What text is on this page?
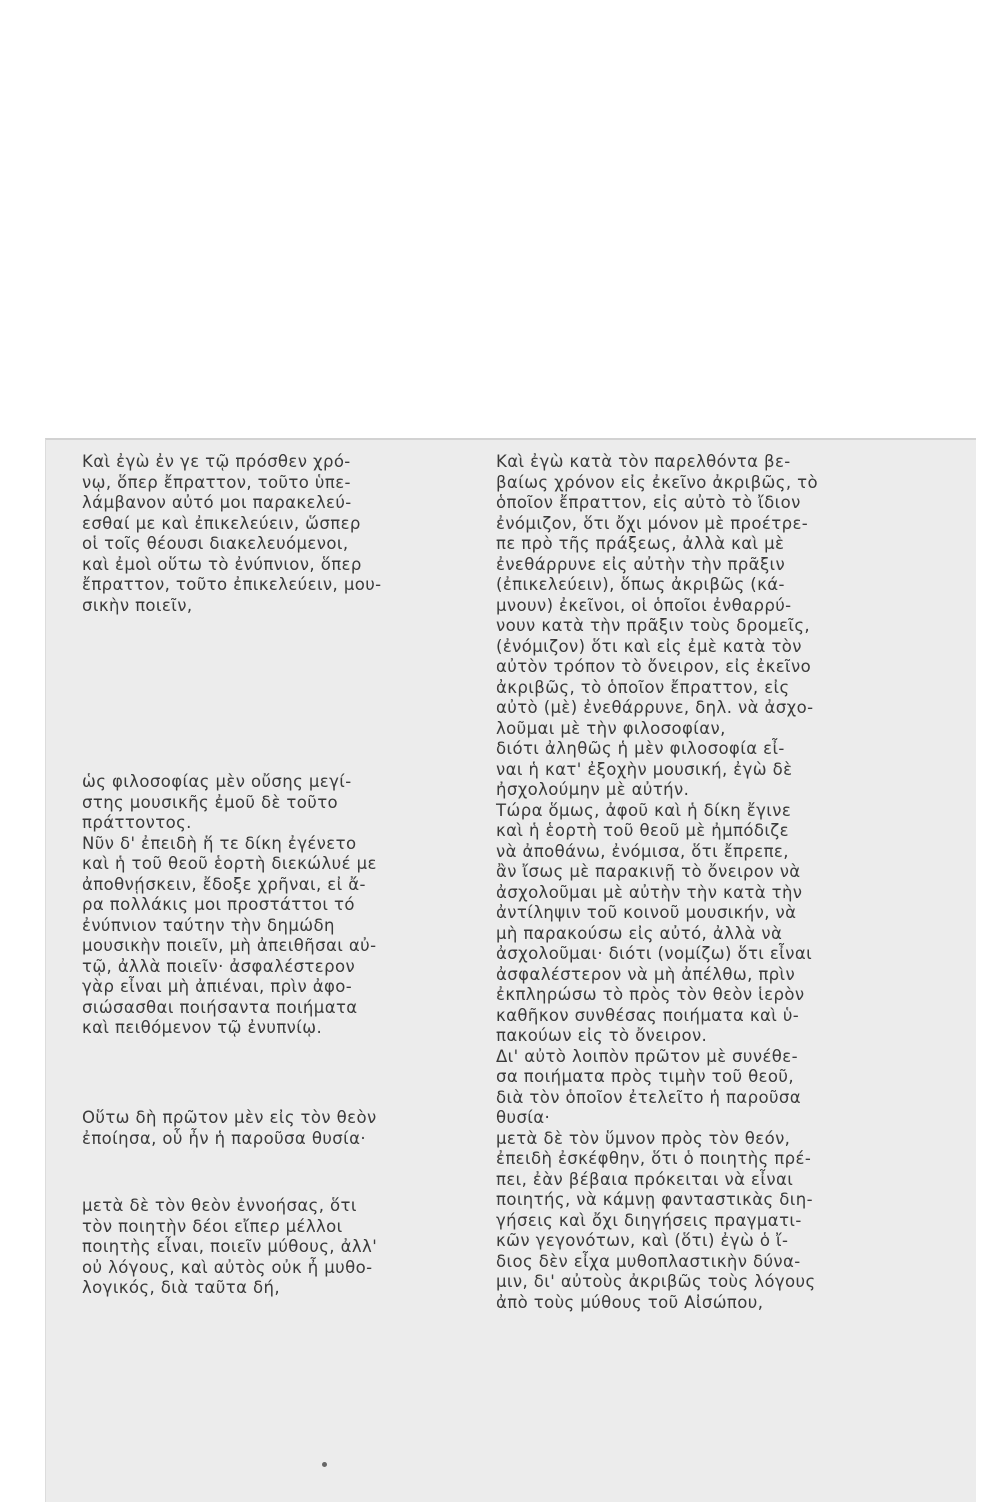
Καὶ ἐγὼ ἐν γε τῷ πρόσθεν χρό-
νῳ, ὅπερ ἔπραττον, τοῦτο ὑπε-
λάμβανον αὐτό μοι παρακελεύ-
εσθαί με καὶ ἐπικελεύειν, ὥσπερ
οἱ τοῖς θέουσι διακελευόμενοι,
καὶ ἐμοὶ οὕτω τὸ ἐνύπνιον, ὅπερ
ἔπραττον, τοῦτο ἐπικελεύειν, μου-
σικὴν ποιεῖν,

ὡς φιλοσοφίας μὲν οὔσης μεγί-
στης μουσικῆς ἐμοῦ δὲ τοῦτο
πράττοντος.
Νῦν δ' ἐπειδὴ ἥ τε δίκη ἐγένετο
καὶ ἡ τοῦ θεοῦ ἑορτὴ διεκώλυέ με
ἀποθνῄσκειν, ἔδοξε χρῆναι, εἰ ἄ-
ρα πολλάκις μοι προστάττοι τό
ἐνύπνιον ταύτην τὴν δημώδη
μουσικὴν ποιεῖν, μὴ ἀπειθῆσαι αὐ-
τῷ, ἀλλὰ ποιεῖν· ἀσφαλέστερον
γὰρ εἶναι μὴ ἀπιέναι, πρὶν ἀφο-
σιώσασθαι ποιήσαντα ποιήματα
καὶ πειθόμενον τῷ ἐνυπνίῳ.

Οὕτω δὴ πρῶτον μὲν εἰς τὸν θεὸν
ἐποίησα, οὗ ἦν ἡ παροῦσα θυσία·

μετὰ δὲ τὸν θεὸν ἐννοήσας, ὅτι
τὸν ποιητὴν δέοι εἴπερ μέλλοι
ποιητὴς εἶναι, ποιεῖν μύθους, ἀλλ'
οὐ λόγους, καὶ αὐτὸς οὐκ ἦ μυθο-
λογικός, διὰ ταῦτα δή,

Καὶ ἐγὼ κατὰ τὸν παρελθόντα βε-
βαίως χρόνον εἰς ἐκεῖνο ἀκριβῶς, τὸ
ὁποῖον ἔπραττον, εἰς αὐτὸ τὸ ἴδιον
ἐνόμιζον, ὅτι ὄχι μόνον μὲ προέτρε-
πε πρὸ τῆς πράξεως, ἀλλὰ καὶ μὲ
ἐνεθάρρυνε εἰς αὐτὴν τὴν πρᾶξιν
(ἐπικελεύειν), ὅπως ἀκριβῶς (κά-
μνουν) ἐκεῖνοι, οἱ ὁποῖοι ἐνθαρρύ-
νουν κατὰ τὴν πρᾶξιν τοὺς δρομεῖς,
(ἐνόμιζον) ὅτι καὶ εἰς ἐμὲ κατὰ τὸν
αὐτὸν τρόπον τὸ ὄνειρον, εἰς ἐκεῖνο
ἀκριβῶς, τὸ ὁποῖον ἔπραττον, εἰς
αὐτὸ (μὲ) ἐνεθάρρυνε, δηλ. νὰ ἀσχο-
λοῦμαι μὲ τὴν φιλοσοφίαν,
διότι ἀληθῶς ἡ μὲν φιλοσοφία εἶ-
ναι ἡ κατ' ἐξοχὴν μουσική, ἐγὼ δὲ
ἠσχολούμην μὲ αὐτήν.
Τώρα ὅμως, ἀφοῦ καὶ ἡ δίκη ἔγινε
καὶ ἡ ἑορτὴ τοῦ θεοῦ μὲ ἠμπόδιζε
νὰ ἀποθάνω, ἐνόμισα, ὅτι ἔπρεπε,
ἂν ἴσως μὲ παρακινῇ τὸ ὄνειρον νὰ
ἀσχολοῦμαι μὲ αὐτὴν τὴν κατὰ τὴν
ἀντίληψιν τοῦ κοινοῦ μουσικήν, νὰ
μὴ παρακούσω εἰς αὐτό, ἀλλὰ νὰ
ἀσχολοῦμαι· διότι (νομίζω) ὅτι εἶναι
ἀσφαλέστερον νὰ μὴ ἀπέλθω, πρὶν
ἐκπληρώσω τὸ πρὸς τὸν θεὸν ἱερὸν
καθῆκον συνθέσας ποιήματα καὶ ὑ-
πακούων εἰς τὸ ὄνειρον.
Δι' αὐτὸ λοιπὸν πρῶτον μὲ συνέθε-
σα ποιήματα πρὸς τιμὴν τοῦ θεοῦ,
διὰ τὸν ὁποῖον ἐτελεῖτο ἡ παροῦσα
θυσία·
μετὰ δὲ τὸν ὕμνον πρὸς τὸν θεόν,
ἐπειδὴ ἐσκέφθην, ὅτι ὁ ποιητὴς πρέ-
πει, ἐὰν βέβαια πρόκειται νὰ εἶναι
ποιητής, νὰ κάμνῃ φανταστικὰς διη-
γήσεις καὶ ὄχι διηγήσεις πραγματι-
κῶν γεγονότων, καὶ (ὅτι) ἐγὼ ὁ ἴ-
διος δὲν εἶχα μυθοπλαστικὴν δύνα-
μιν, δι' αὐτοὺς ἀκριβῶς τοὺς λόγους
ἀπὸ τοὺς μύθους τοῦ Αἰσώπου,
